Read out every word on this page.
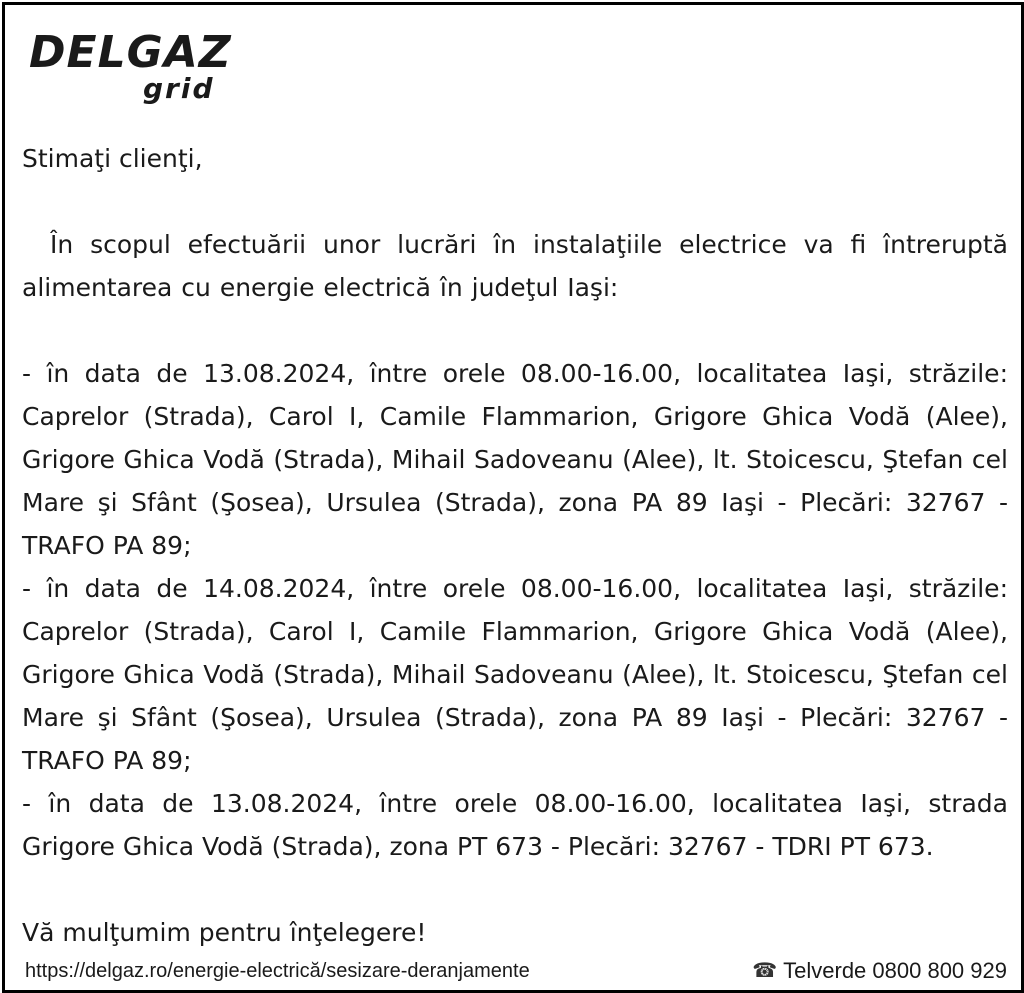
DELGAZ
grid

Stimaţi clienţi,

În scopul efectuării unor lucrări în instalaţiile electrice va fi întreruptă alimentarea cu energie electrică în judeţul Iaşi:

- în data de 13.08.2024, între orele 08.00-16.00, localitatea Iaşi, străzile: Caprelor (Strada), Carol I, Camile Flammarion, Grigore Ghica Vodă (Alee), Grigore Ghica Vodă (Strada), Mihail Sadoveanu (Alee), lt. Stoicescu, Ştefan cel Mare şi Sfânt (Şosea), Ursulea (Strada), zona PA 89 Iaşi - Plecări: 32767 - TRAFO PA 89;

- în data de 14.08.2024, între orele 08.00-16.00, localitatea Iaşi, străzile: Caprelor (Strada), Carol I, Camile Flammarion, Grigore Ghica Vodă (Alee), Grigore Ghica Vodă (Strada), Mihail Sadoveanu (Alee), lt. Stoicescu, Ştefan cel Mare şi Sfânt (Şosea), Ursulea (Strada), zona PA 89 Iaşi - Plecări: 32767 - TRAFO PA 89;

- în data de 13.08.2024, între orele 08.00-16.00, localitatea Iaşi, strada Grigore Ghica Vodă (Strada), zona PT 673 - Plecări: 32767 - TDRI PT 673.

Vă mulţumim pentru înţelegere!

https://delgaz.ro/energie-electrică/sesizare-deranjamente	☎ Telverde 0800 800 929
